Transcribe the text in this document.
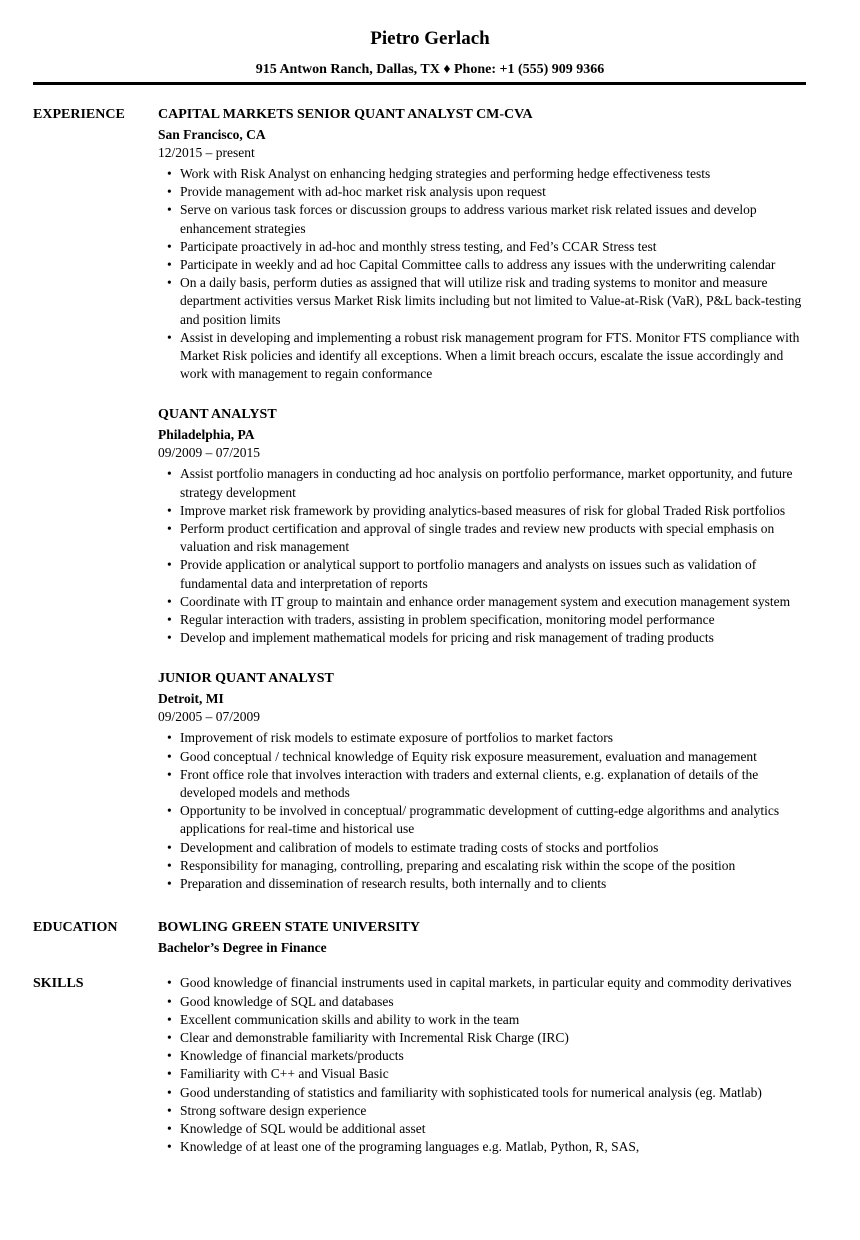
Pietro Gerlach
915 Antwon Ranch, Dallas, TX ♦ Phone: +1 (555) 909 9366
EXPERIENCE	CAPITAL MARKETS SENIOR QUANT ANALYST CM-CVA
San Francisco, CA
12/2015 – present
• Work with Risk Analyst on enhancing hedging strategies and performing hedge effectiveness tests
• Provide management with ad-hoc market risk analysis upon request
• Serve on various task forces or discussion groups to address various market risk related issues and develop enhancement strategies
• Participate proactively in ad-hoc and monthly stress testing, and Fed’s CCAR Stress test
• Participate in weekly and ad hoc Capital Committee calls to address any issues with the underwriting calendar
• On a daily basis, perform duties as assigned that will utilize risk and trading systems to monitor and measure department activities versus Market Risk limits including but not limited to Value-at-Risk (VaR), P&L back-testing and position limits
• Assist in developing and implementing a robust risk management program for FTS. Monitor FTS compliance with Market Risk policies and identify all exceptions. When a limit breach occurs, escalate the issue accordingly and work with management to regain conformance
QUANT ANALYST
Philadelphia, PA
09/2009 – 07/2015
• Assist portfolio managers in conducting ad hoc analysis on portfolio performance, market opportunity, and future strategy development
• Improve market risk framework by providing analytics-based measures of risk for global Traded Risk portfolios
• Perform product certification and approval of single trades and review new products with special emphasis on valuation and risk management
• Provide application or analytical support to portfolio managers and analysts on issues such as validation of fundamental data and interpretation of reports
• Coordinate with IT group to maintain and enhance order management system and execution management system
• Regular interaction with traders, assisting in problem specification, monitoring model performance
• Develop and implement mathematical models for pricing and risk management of trading products
JUNIOR QUANT ANALYST
Detroit, MI
09/2005 – 07/2009
• Improvement of risk models to estimate exposure of portfolios to market factors
• Good conceptual / technical knowledge of Equity risk exposure measurement, evaluation and management
• Front office role that involves interaction with traders and external clients, e.g. explanation of details of the developed models and methods
• Opportunity to be involved in conceptual/ programmatic development of cutting-edge algorithms and analytics applications for real-time and historical use
• Development and calibration of models to estimate trading costs of stocks and portfolios
• Responsibility for managing, controlling, preparing and escalating risk within the scope of the position
• Preparation and dissemination of research results, both internally and to clients
EDUCATION	BOWLING GREEN STATE UNIVERSITY
Bachelor’s Degree in Finance
SKILLS	• Good knowledge of financial instruments used in capital markets, in particular equity and commodity derivatives
• Good knowledge of SQL and databases
• Excellent communication skills and ability to work in the team
• Clear and demonstrable familiarity with Incremental Risk Charge (IRC)
• Knowledge of financial markets/products
• Familiarity with C++ and Visual Basic
• Good understanding of statistics and familiarity with sophisticated tools for numerical analysis (eg. Matlab)
• Strong software design experience
• Knowledge of SQL would be additional asset
• Knowledge of at least one of the programing languages e.g. Matlab, Python, R, SAS,
